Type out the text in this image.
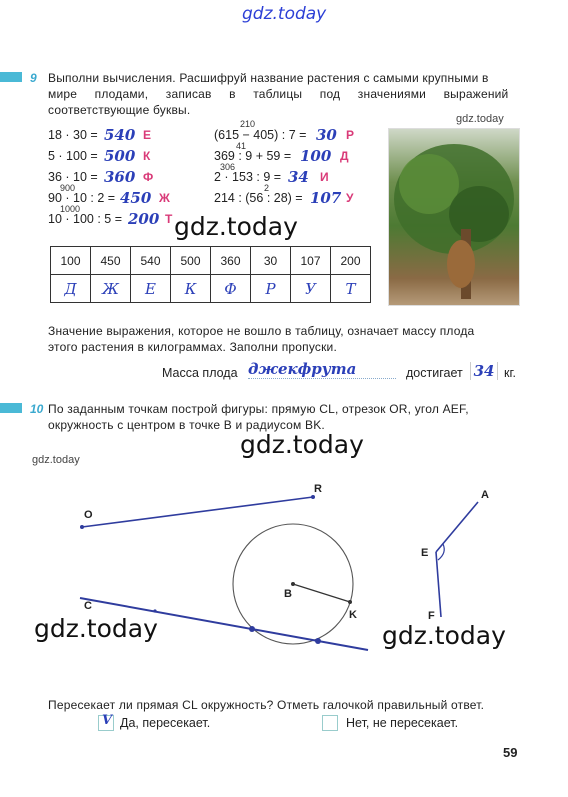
gdz.today
9 Выполни вычисления. Расшифруй название растения с самыми крупными в
мире плодами, записав в таблицы под значениями выражений
соответствующие буквы.
18 · 30 = 540 Е
5 · 100 = 500 К
36 · 10 = 360 Ф
900
90 · 10 : 2 = 450 Ж
1000
10 · 100 : 5 = 200 Т
210
(615 − 405) : 7 = 30 Р
41
369 : 9 + 59 = 100 Д
306
2 · 153 : 9 = 34 И
2
214 : (56 : 28) = 107 У
gdz.today
gdz.today
100	450	540	500	360	30	107	200
Д	Ж	Е	К	Ф	Р	У	Т
Значение выражения, которое не вошло в таблицу, означает массу плода
этого растения в килограммах. Заполни пропуски.
Масса плода джекфрута	достигает 34 кг.
10 По заданным точкам построй фигуры: прямую CL, отрезок OR, угол AEF,
окружность с центром в точке B и радиусом BK.
gdz.today
gdz.today
O
R
C
B
K
A
E
F
gdz.today	gdz.today
Пересекает ли прямая CL окружность? Отметь галочкой правильный ответ.
V Да, пересекает.	Нет, не пересекает.
59
